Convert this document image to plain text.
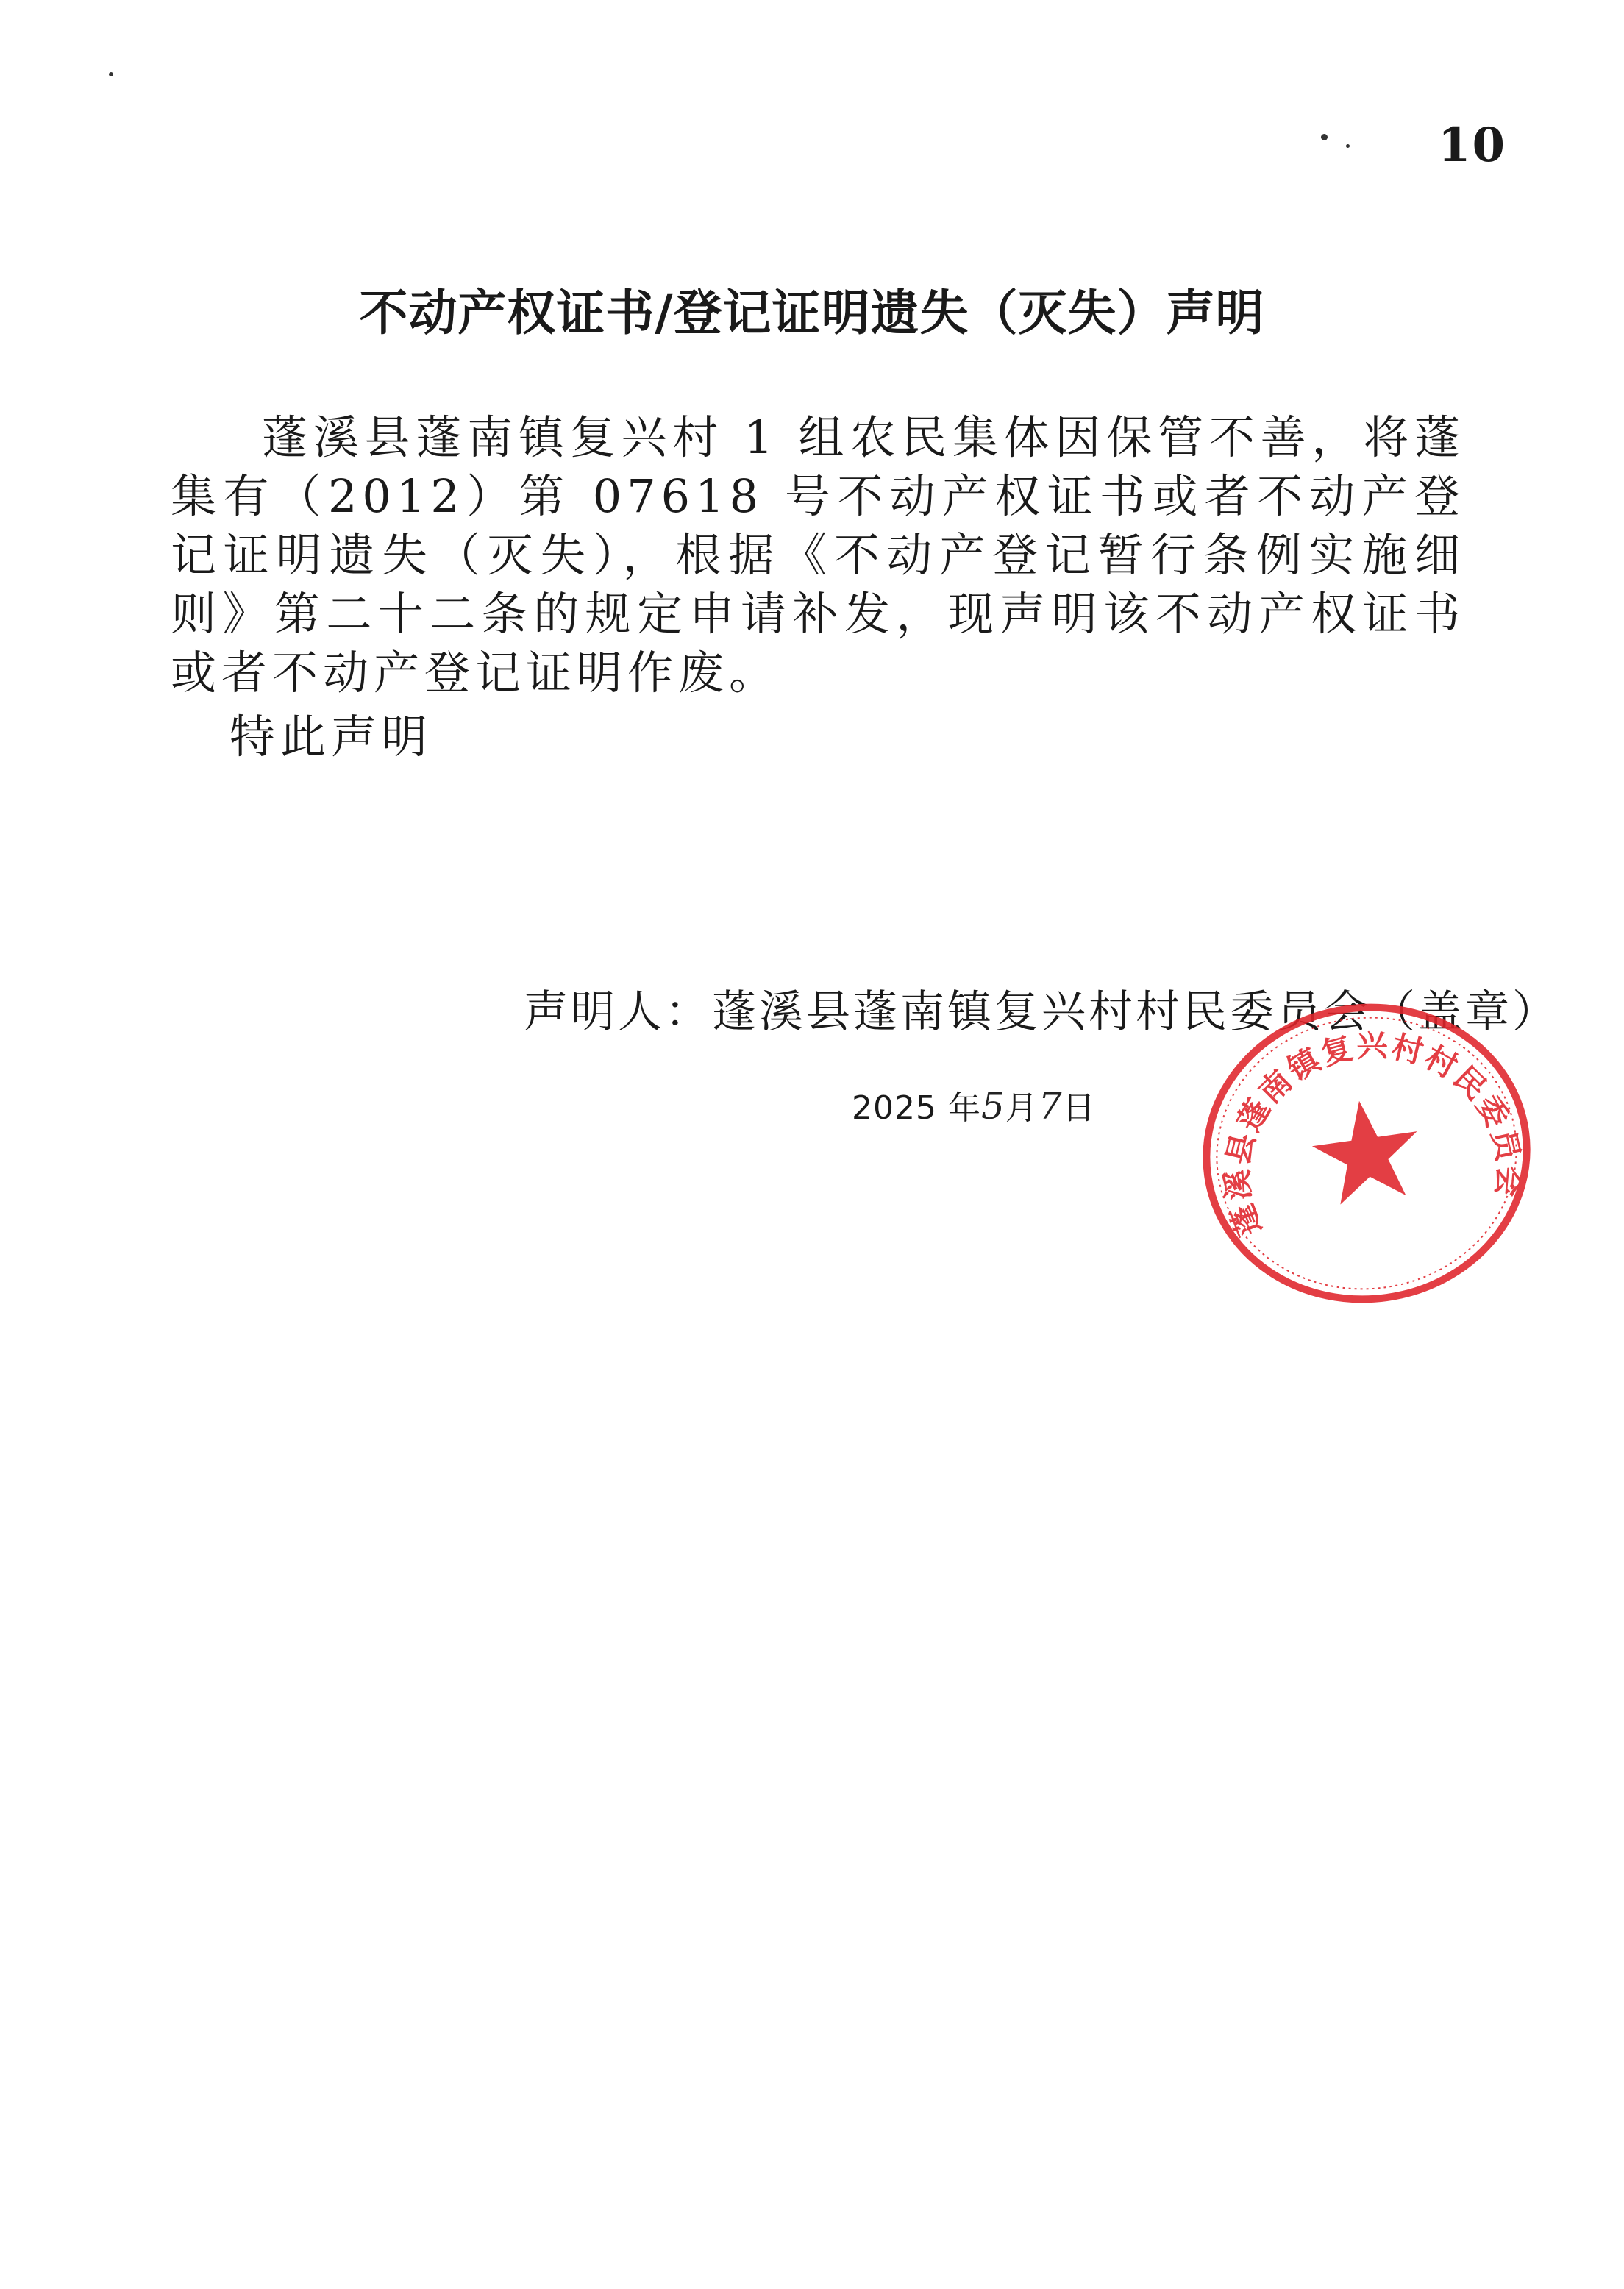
10
不动产权证书/登记证明遗失（灭失）声明
蓬溪县蓬南镇复兴村 1 组农民集体因保管不善，将蓬集有（2012）第 07618 号不动产权证书或者不动产登记证明遗失（灭失），根据《不动产登记暂行条例实施细则》第二十二条的规定申请补发，现声明该不动产权证书或者不动产登记证明作废。
特此声明
声明人：蓬溪县蓬南镇复兴村村民委员会（盖章）
2025 年5月7日
蓬溪县蓬南镇复兴村村民委员会
